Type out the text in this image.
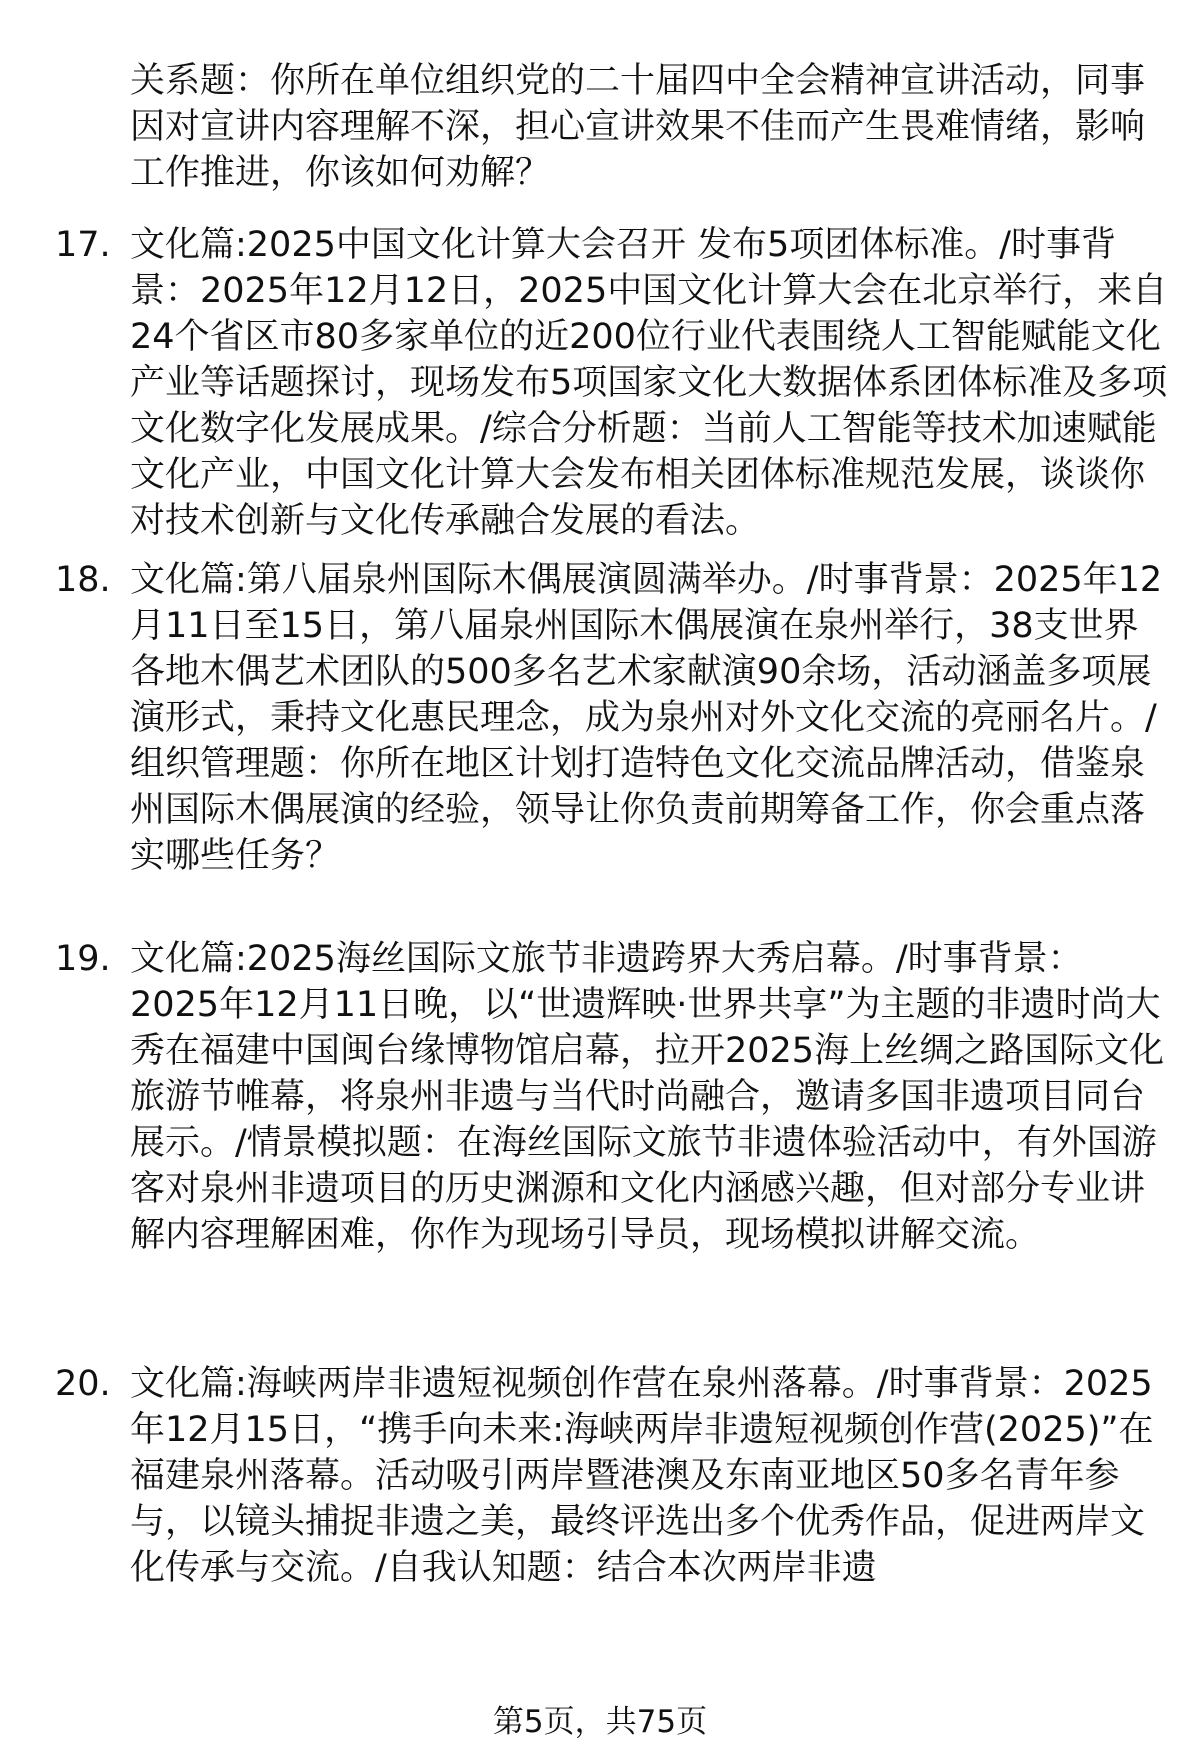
关系题：你所在单位组织党的二十届四中全会精神宣讲活动，同事因对宣讲内容理解不深，担心宣讲效果不佳而产生畏难情绪，影响工作推进，你该如何劝解？

17. 文化篇:2025中国文化计算大会召开 发布5项团体标准。/时事背景：2025年12月12日，2025中国文化计算大会在北京举行，来自24个省区市80多家单位的近200位行业代表围绕人工智能赋能文化产业等话题探讨，现场发布5项国家文化大数据体系团体标准及多项文化数字化发展成果。/综合分析题：当前人工智能等技术加速赋能文化产业，中国文化计算大会发布相关团体标准规范发展，谈谈你对技术创新与文化传承融合发展的看法。

18. 文化篇:第八届泉州国际木偶展演圆满举办。/时事背景：2025年12月11日至15日，第八届泉州国际木偶展演在泉州举行，38支世界各地木偶艺术团队的500多名艺术家献演90余场，活动涵盖多项展演形式，秉持文化惠民理念，成为泉州对外文化交流的亮丽名片。/组织管理题：你所在地区计划打造特色文化交流品牌活动，借鉴泉州国际木偶展演的经验，领导让你负责前期筹备工作，你会重点落实哪些任务？

19. 文化篇:2025海丝国际文旅节非遗跨界大秀启幕。/时事背景：2025年12月11日晚，以“世遗辉映·世界共享”为主题的非遗时尚大秀在福建中国闽台缘博物馆启幕，拉开2025海上丝绸之路国际文化旅游节帷幕，将泉州非遗与当代时尚融合，邀请多国非遗项目同台展示。/情景模拟题：在海丝国际文旅节非遗体验活动中，有外国游客对泉州非遗项目的历史渊源和文化内涵感兴趣，但对部分专业讲解内容理解困难，你作为现场引导员，现场模拟讲解交流。

20. 文化篇:海峡两岸非遗短视频创作营在泉州落幕。/时事背景：2025年12月15日，“携手向未来:海峡两岸非遗短视频创作营(2025)”在福建泉州落幕。活动吸引两岸暨港澳及东南亚地区50多名青年参与，以镜头捕捉非遗之美，最终评选出多个优秀作品，促进两岸文化传承与交流。/自我认知题：结合本次两岸非遗

第5页，共75页
